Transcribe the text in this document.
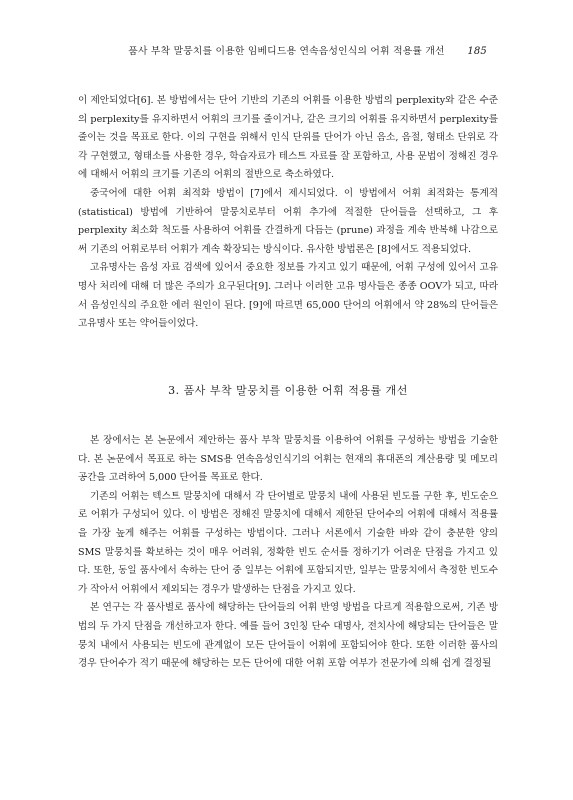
품사 부착 말뭉치를 이용한 임베디드용 연속음성인식의 어휘 적용률 개선	185

이 제안되었다[6]. 본 방법에서는 단어 기반의 기존의 어휘를 이용한 방법의 perplexity와 같은 수준의 perplexity를 유지하면서 어휘의 크기를 줄이거나, 같은 크기의 어휘를 유지하면서 perplexity를 줄이는 것을 목표로 한다. 이의 구현을 위해서 인식 단위를 단어가 아닌 음소, 음절, 형태소 단위로 각각 구현했고, 형태소를 사용한 경우, 학습자료가 테스트 자료를 잘 포함하고, 사용 문법이 정해진 경우에 대해서 어휘의 크기를 기존의 어휘의 절반으로 축소하였다.

중국어에 대한 어휘 최적화 방법이 [7]에서 제시되었다. 이 방법에서 어휘 최적화는 통계적(statistical) 방법에 기반하여 말뭉치로부터 어휘 추가에 적절한 단어들을 선택하고, 그 후 perplexity 최소화 척도를 사용하여 어휘를 간결하게 다듬는 (prune) 과정을 계속 반복해 나감으로써 기존의 어휘로부터 어휘가 계속 확장되는 방식이다. 유사한 방법론은 [8]에서도 적용되었다.

고유명사는 음성 자료 검색에 있어서 중요한 정보를 가지고 있기 때문에, 어휘 구성에 있어서 고유명사 처리에 대해 더 많은 주의가 요구된다[9]. 그러나 이러한 고유 명사들은 종종 OOV가 되고, 따라서 음성인식의 주요한 에러 원인이 된다. [9]에 따르면 65,000 단어의 어휘에서 약 28%의 단어들은 고유명사 또는 약어들이었다.

3. 품사 부착 말뭉치를 이용한 어휘 적용률 개선

본 장에서는 본 논문에서 제안하는 품사 부착 말뭉치를 이용하여 어휘를 구성하는 방법을 기술한다. 본 논문에서 목표로 하는 SMS용 연속음성인식기의 어휘는 현재의 휴대폰의 계산용량 및 메모리 공간을 고려하여 5,000 단어를 목표로 한다.

기존의 어휘는 텍스트 말뭉치에 대해서 각 단어별로 말뭉치 내에 사용된 빈도를 구한 후, 빈도순으로 어휘가 구성되어 있다. 이 방법은 정해진 말뭉치에 대해서 제한된 단어수의 어휘에 대해서 적용률을 가장 높게 해주는 어휘를 구성하는 방법이다. 그러나 서론에서 기술한 바와 같이 충분한 양의 SMS 말뭉치를 확보하는 것이 매우 어려워, 정확한 빈도 순서를 정하기가 어려운 단점을 가지고 있다. 또한, 동일 품사에서 속하는 단어 중 일부는 어휘에 포함되지만, 일부는 말뭉치에서 측정한 빈도수가 작아서 어휘에서 제외되는 경우가 발생하는 단점을 가지고 있다.

본 연구는 각 품사별로 품사에 해당하는 단어들의 어휘 반영 방법을 다르게 적용함으로써, 기존 방법의 두 가지 단점을 개선하고자 한다. 예를 들어 3인칭 단수 대명사, 전치사에 해당되는 단어들은 말뭉치 내에서 사용되는 빈도에 관계없이 모든 단어들이 어휘에 포함되어야 한다. 또한 이러한 품사의 경우 단어수가 적기 때문에 해당하는 모든 단어에 대한 어휘 포함 여부가 전문가에 의해 쉽게 결정될
